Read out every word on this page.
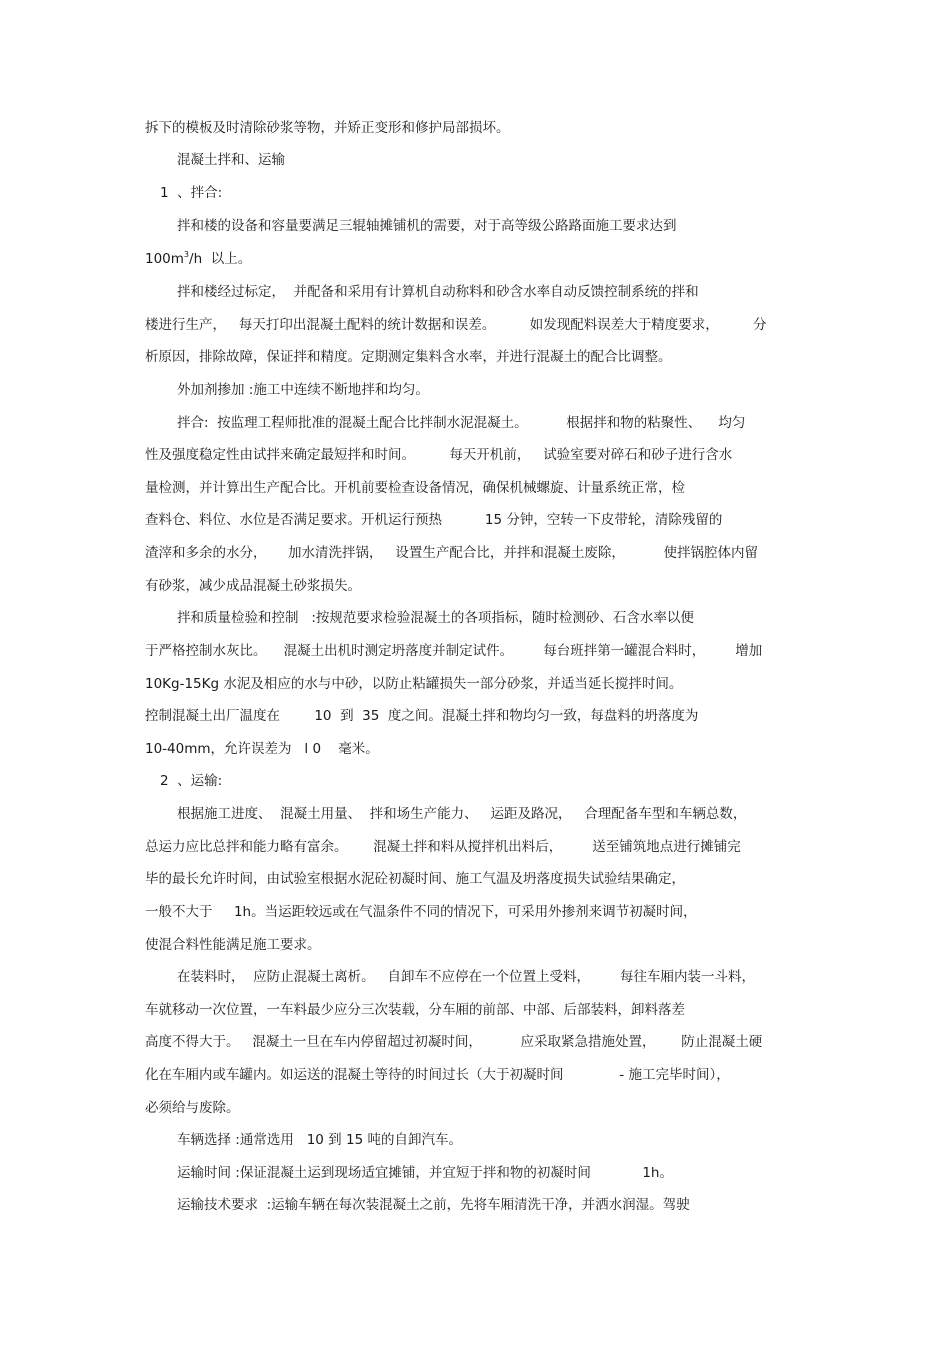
拆下的模板及时清除砂浆等物，并矫正变形和修护局部损坏。
混凝土拌和、运输
1  、拌合:
拌和楼的设备和容量要满足三辊轴摊铺机的需要，对于高等级公路路面施工要求达到
$100m^3/h$  以上。
拌和楼经过标定，  并配备和采用有计算机自动称料和砂含水率自动反馈控制系统的拌和
楼进行生产，   每天打印出混凝土配料的统计数据和误差。        如发现配料误差大于精度要求，        分
析原因，排除故障，保证拌和精度。定期测定集料含水率，并进行混凝土的配合比调整。
外加剂掺加 :施工中连续不断地拌和均匀。
拌合:  按监理工程师批准的混凝土配合比拌制水泥混凝土。         根据拌和物的粘聚性、    均匀
性及强度稳定性由试拌来确定最短拌和时间。        每天开机前，   试验室要对碎石和砂子进行含水
量检测，并计算出生产配合比。开机前要检查设备情况，确保机械螺旋、计量系统正常，检
查料仓、料位、水位是否满足要求。开机运行预热          15 分钟，空转一下皮带轮，清除残留的
渣滓和多余的水分，     加水清洗拌锅，   设置生产配合比，并拌和混凝土废除，         使拌锅腔体内留
有砂浆，减少成品混凝土砂浆损失。
拌和质量检验和控制   :按规范要求检验混凝土的各项指标，随时检测砂、石含水率以便
于严格控制水灰比。    混凝土出机时测定坍落度并制定试件。       每台班拌第一罐混合料时，       增加
10Kg-15Kg 水泥及相应的水与中砂，以防止粘罐损失一部分砂浆，并适当延长搅拌时间。
控制混凝土出厂温度在        10  到  35  度之间。混凝土拌和物均匀一致，每盘料的坍落度为
10-40mm，允许误差为   l 0    毫米。
2  、运输:
根据施工进度、  混凝土用量、  拌和场生产能力、   运距及路况，   合理配备车型和车辆总数，
总运力应比总拌和能力略有富余。      混凝土拌和料从搅拌机出料后，       送至铺筑地点进行摊铺完
毕的最长允许时间，由试验室根据水泥砼初凝时间、施工气温及坍落度损失试验结果确定，
一般不大于     1h。当运距较远或在气温条件不同的情况下，可采用外掺剂来调节初凝时间，
使混合料性能满足施工要求。
在装料时，  应防止混凝土离析。   自卸车不应停在一个位置上受料，       每往车厢内装一斗料，
车就移动一次位置，一车料最少应分三次装载，分车厢的前部、中部、后部装料，卸料落差
高度不得大于。   混凝土一旦在车内停留超过初凝时间，         应采取紧急措施处置，      防止混凝土硬
化在车厢内或车罐内。如运送的混凝土等待的时间过长（大于初凝时间             - 施工完毕时间），
必须给与废除。
车辆选择 :通常选用   10 到 15 吨的自卸汽车。
运输时间 :保证混凝土运到现场适宜摊铺，并宜短于拌和物的初凝时间            1h。
运输技术要求  :运输车辆在每次装混凝土之前，先将车厢清洗干净，并洒水润湿。驾驶
